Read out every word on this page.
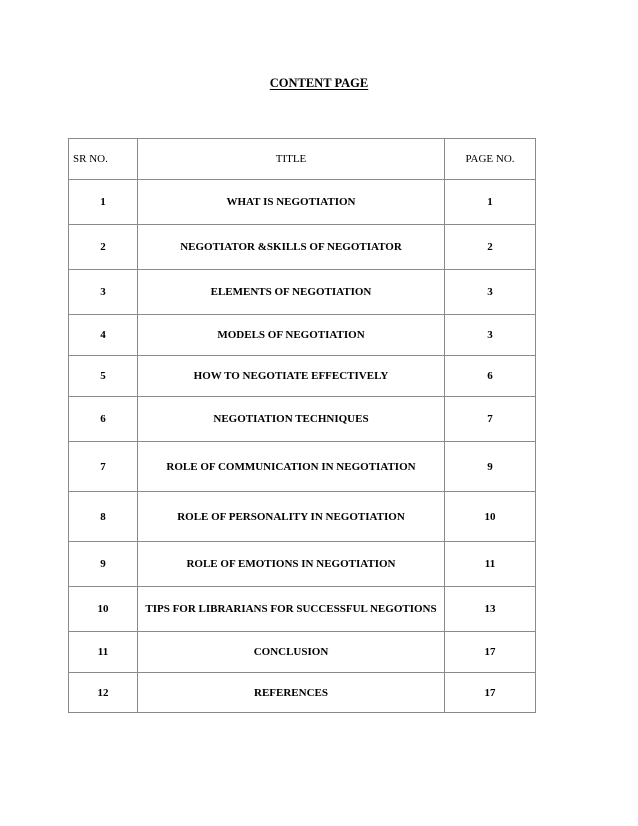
CONTENT PAGE
SR NO.	TITLE	PAGE NO.
1	WHAT IS NEGOTIATION	1
2	NEGOTIATOR &SKILLS OF NEGOTIATOR	2
3	ELEMENTS OF NEGOTIATION	3
4	MODELS OF NEGOTIATION	3
5	HOW TO NEGOTIATE EFFECTIVELY	6
6	NEGOTIATION TECHNIQUES	7
7	ROLE OF COMMUNICATION IN NEGOTIATION	9
8	ROLE OF PERSONALITY IN NEGOTIATION	10
9	ROLE OF EMOTIONS IN NEGOTIATION	11
10	TIPS FOR LIBRARIANS FOR SUCCESSFUL NEGOTIONS	13
11	CONCLUSION	17
12	REFERENCES	17
